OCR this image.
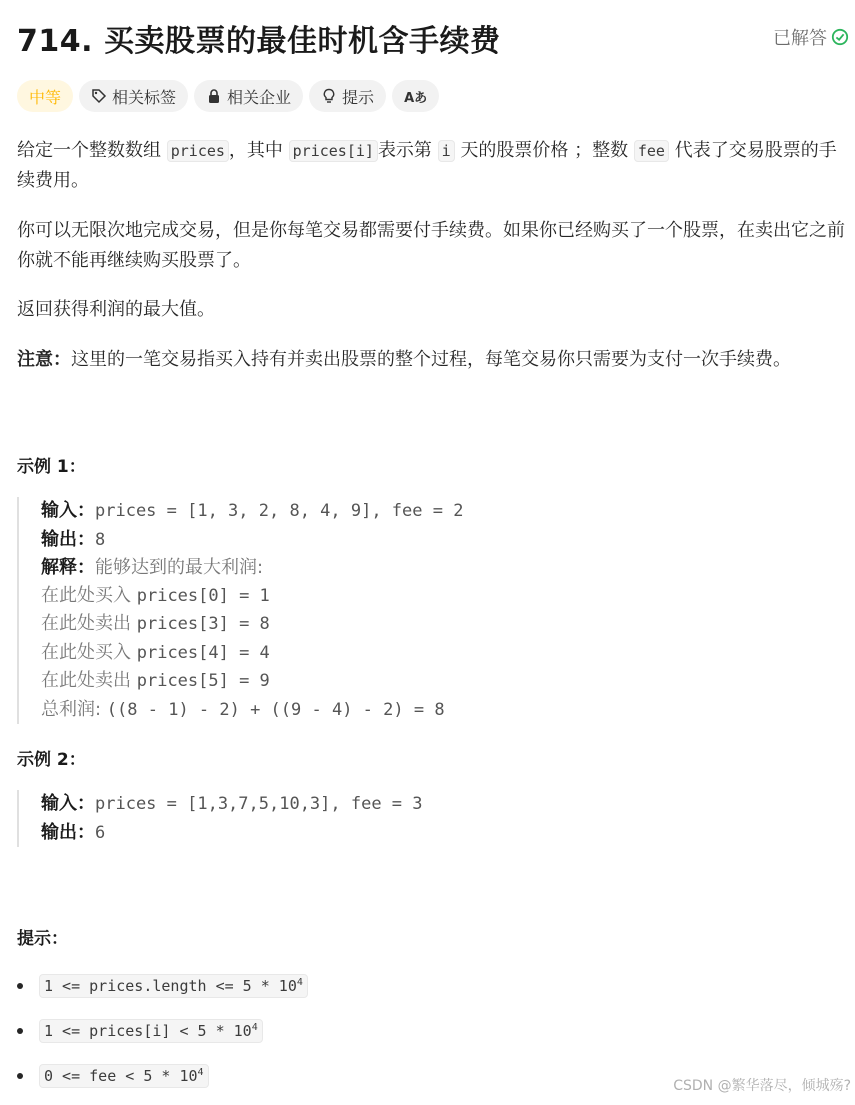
714. 买卖股票的最佳时机含手续费	已解答
中等	相关标签	相关企业	提示 Aあ
给定一个整数数组 prices ，其中 prices[i] 表示第 i 天的股票价格 ；整数 fee 代表了交易股票的手续费用。
你可以无限次地完成交易，但是你每笔交易都需要付手续费。如果你已经购买了一个股票，在卖出它之前你就不能再继续购买股票了。
返回获得利润的最大值。
注意：这里的一笔交易指买入持有并卖出股票的整个过程，每笔交易你只需要为支付一次手续费。
示例 1：
输入：prices = [1, 3, 2, 8, 4, 9], fee = 2
输出：8
解释：能够达到的最大利润:
在此处买入 prices[0] = 1
在此处卖出 prices[3] = 8
在此处买入 prices[4] = 4
在此处卖出 prices[5] = 9
总利润: ((8 - 1) - 2) + ((9 - 4) - 2) = 8
示例 2：
输入：prices = [1,3,7,5,10,3], fee = 3
输出：6
提示：
1 <= prices.length <= $5 * 10^4$
1 <= prices[i] < $5 * 10^4$
0 <= fee < $5 * 10^4$
CSDN @繁华落尽，倾城殇?
